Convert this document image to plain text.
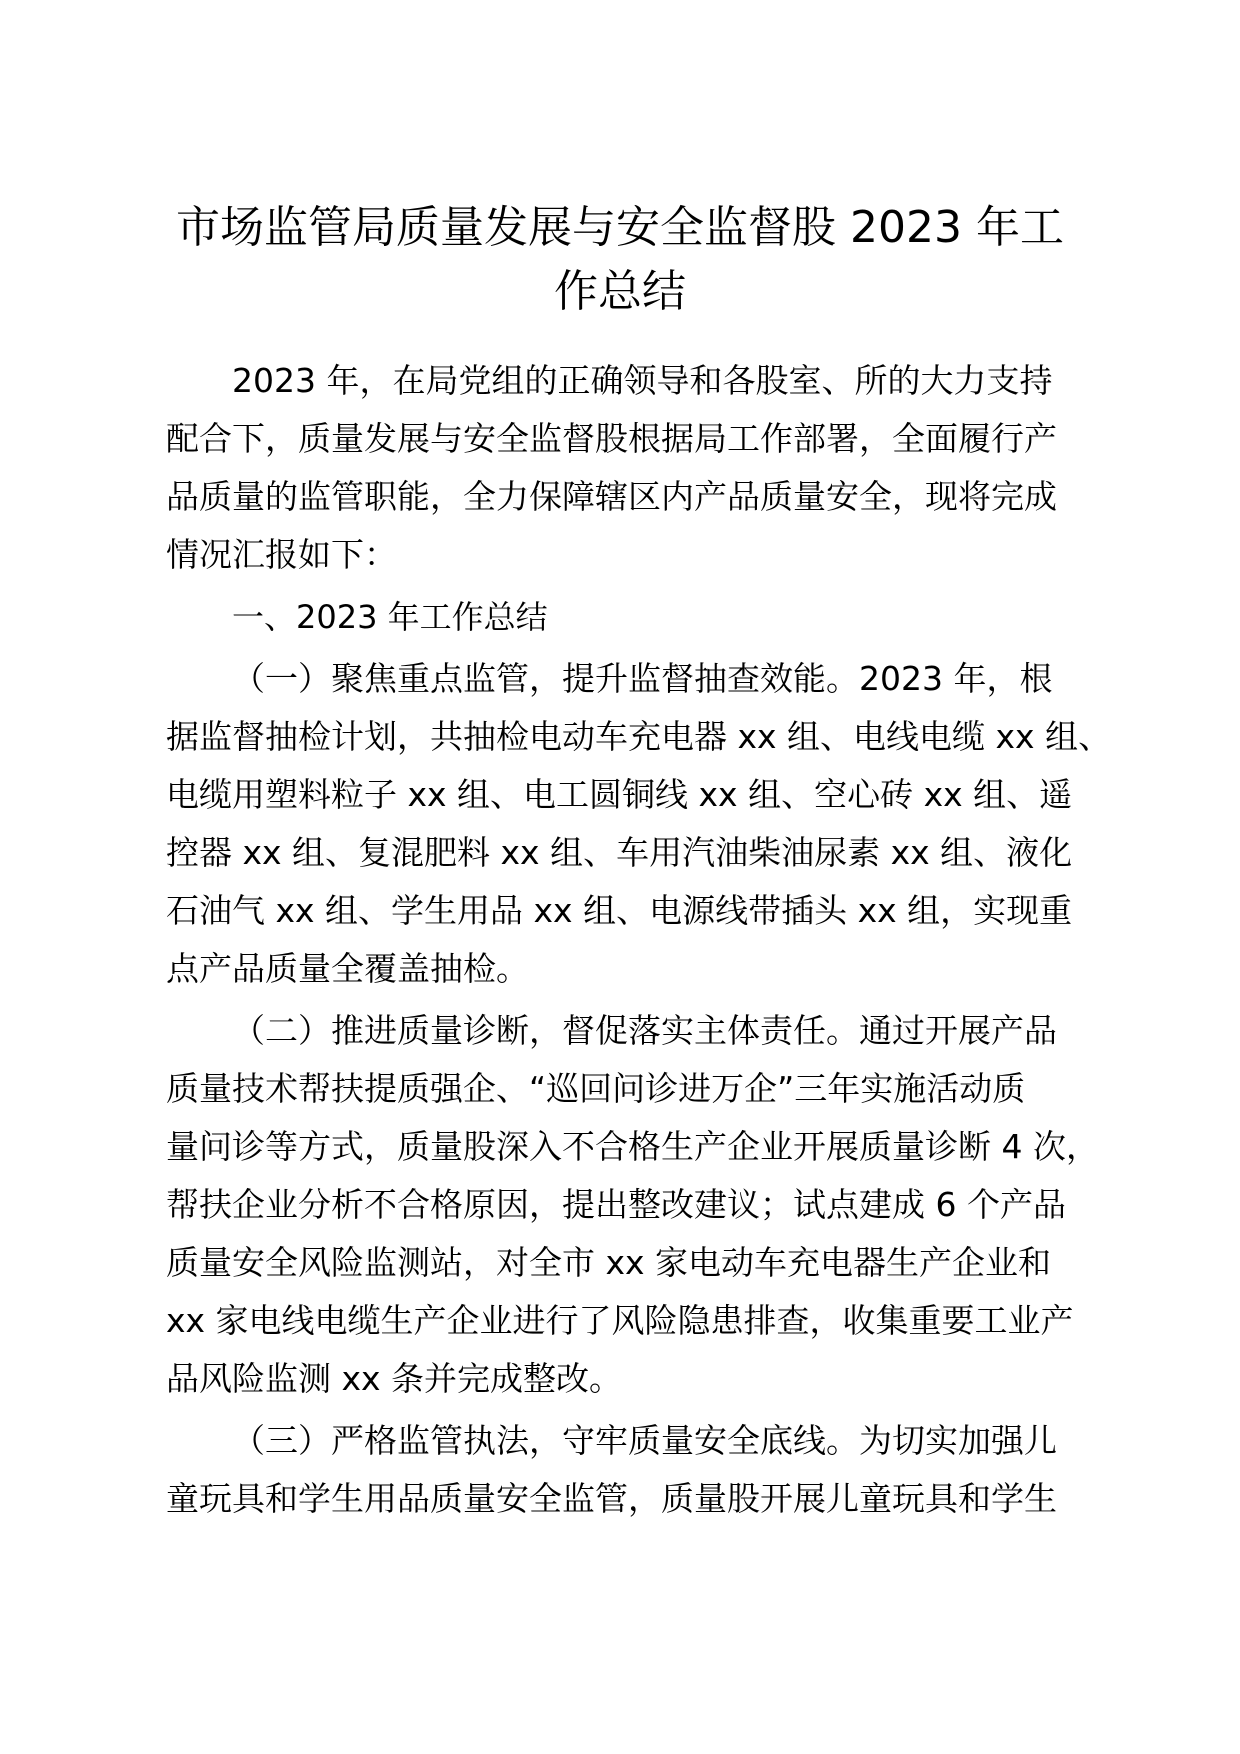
市场监管局质量发展与安全监督股 2023 年工
作总结

2023 年，在局党组的正确领导和各股室、所的大力支持
配合下，质量发展与安全监督股根据局工作部署，全面履行产
品质量的监管职能，全力保障辖区内产品质量安全，现将完成
情况汇报如下：

一、2023 年工作总结

（一）聚焦重点监管，提升监督抽查效能。2023 年，根
据监督抽检计划，共抽检电动车充电器 xx 组、电线电缆 xx 组、
电缆用塑料粒子 xx 组、电工圆铜线 xx 组、空心砖 xx 组、遥
控器 xx 组、复混肥料 xx 组、车用汽油柴油尿素 xx 组、液化
石油气 xx 组、学生用品 xx 组、电源线带插头 xx 组，实现重
点产品质量全覆盖抽检。

（二）推进质量诊断，督促落实主体责任。通过开展产品
质量技术帮扶提质强企、“巡回问诊进万企”三年实施活动质
量问诊等方式，质量股深入不合格生产企业开展质量诊断 4 次，
帮扶企业分析不合格原因，提出整改建议；试点建成 6 个产品
质量安全风险监测站，对全市 xx 家电动车充电器生产企业和
xx 家电线电缆生产企业进行了风险隐患排查，收集重要工业产
品风险监测 xx 条并完成整改。

（三）严格监管执法，守牢质量安全底线。为切实加强儿
童玩具和学生用品质量安全监管，质量股开展儿童玩具和学生
